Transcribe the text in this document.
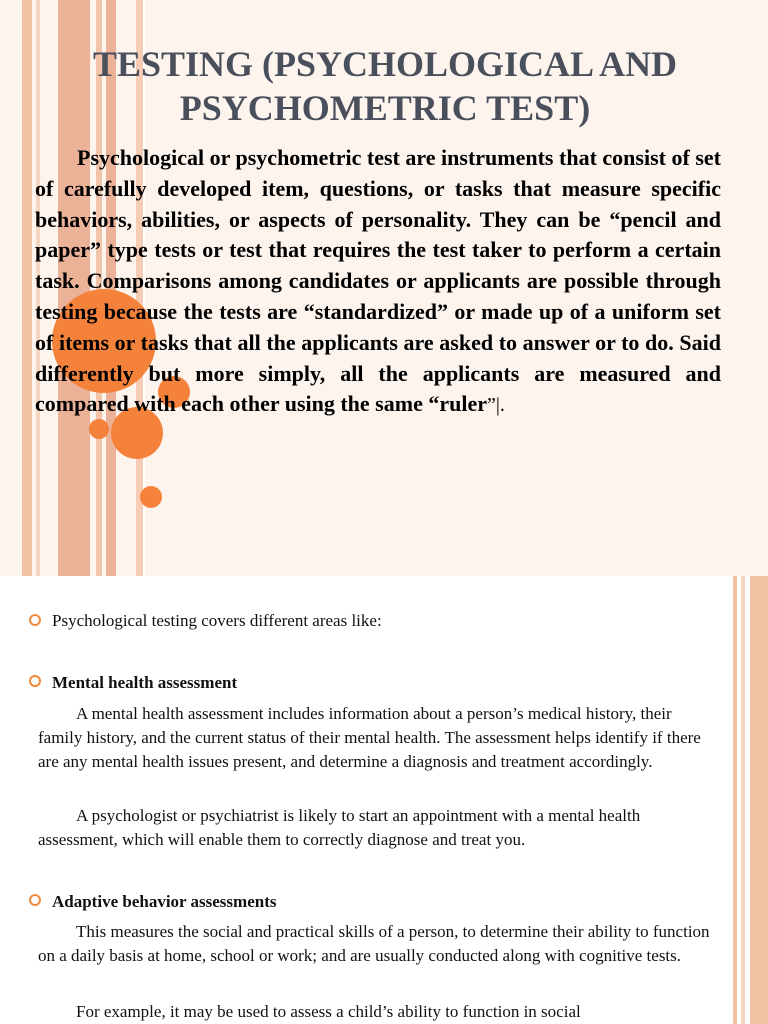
TESTING (PSYCHOLOGICAL AND
PSYCHOMETRIC TEST)

Psychological or psychometric test are instruments that consist of set of carefully developed item, questions, or tasks that measure specific behaviors, abilities, or aspects of personality. They can be “pencil and paper” type tests or test that requires the test taker to perform a certain task. Comparisons among candidates or applicants are possible through testing because the tests are “standardized” or made up of a uniform set of items or tasks that all the applicants are asked to answer or to do. Said differently but more simply, all the applicants are measured and compared with each other using the same “ruler”|.

Psychological testing covers different areas like:

Mental health assessment

A mental health assessment includes information about a person’s medical history, their family history, and the current status of their mental health. The assessment helps identify if there are any mental health issues present, and determine a diagnosis and treatment accordingly.

A psychologist or psychiatrist is likely to start an appointment with a mental health assessment, which will enable them to correctly diagnose and treat you.

Adaptive behavior assessments

This measures the social and practical skills of a person, to determine their ability to function on a daily basis at home, school or work; and are usually conducted along with cognitive tests.

For example, it may be used to assess a child’s ability to function in social
